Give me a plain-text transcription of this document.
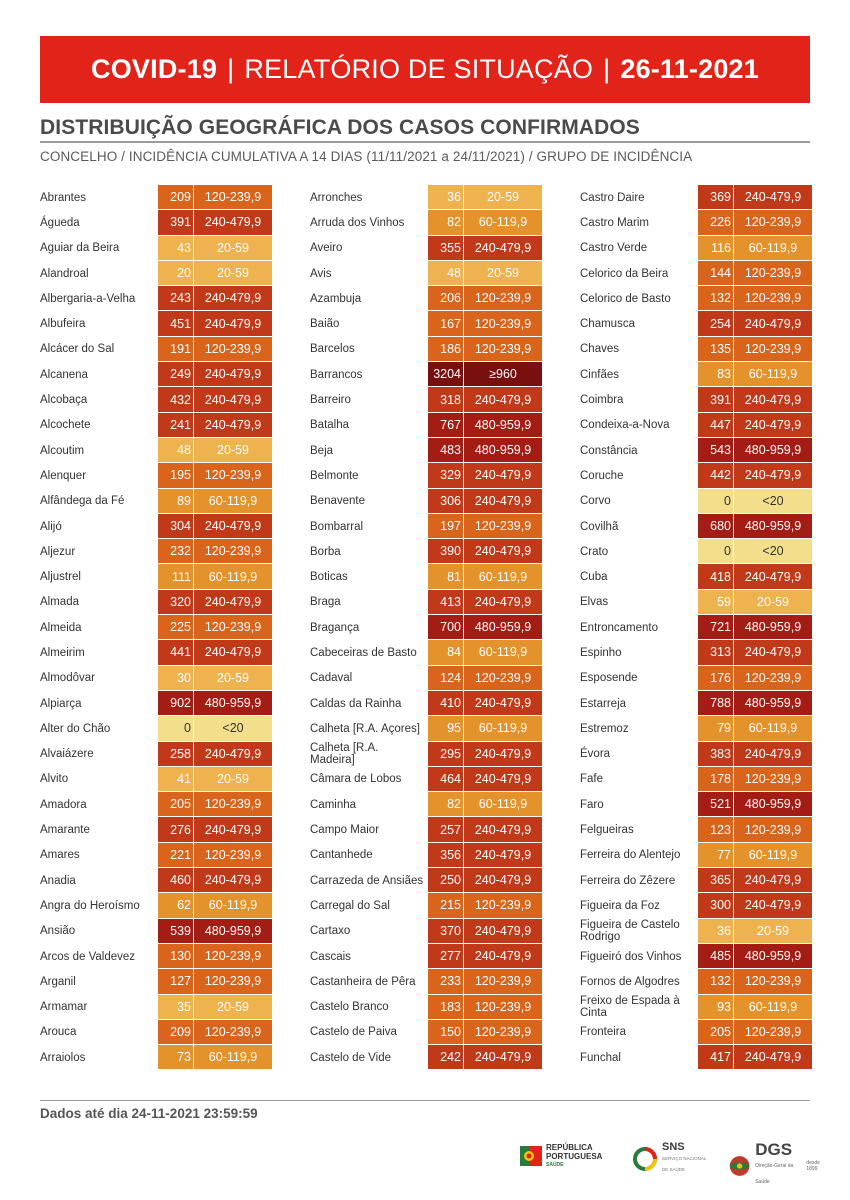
COVID-19 | RELATÓRIO DE SITUAÇÃO | 26-11-2021
DISTRIBUIÇÃO GEOGRÁFICA DOS CASOS CONFIRMADOS
CONCELHO / INCIDÊNCIA CUMULATIVA A 14 DIAS (11/11/2021 a 24/11/2021) / GRUPO DE INCIDÊNCIA
Abrantes	209	120-239,9
Águeda	391	240-479,9
Aguiar da Beira	43	20-59
Alandroal	20	20-59
Albergaria-a-Velha	243	240-479,9
Albufeira	451	240-479,9
Alcácer do Sal	191	120-239,9
Alcanena	249	240-479,9
Alcobaça	432	240-479,9
Alcochete	241	240-479,9
Alcoutim	48	20-59
Alenquer	195	120-239,9
Alfândega da Fé	89	60-119,9
Alijó	304	240-479,9
Aljezur	232	120-239,9
Aljustrel	111	60-119,9
Almada	320	240-479,9
Almeida	225	120-239,9
Almeirim	441	240-479,9
Almodôvar	30	20-59
Alpiarça	902	480-959,9
Alter do Chão	0	<20
Alvaiázere	258	240-479,9
Alvito	41	20-59
Amadora	205	120-239,9
Amarante	276	240-479,9
Amares	221	120-239,9
Anadia	460	240-479,9
Angra do Heroísmo	62	60-119,9
Ansião	539	480-959,9
Arcos de Valdevez	130	120-239,9
Arganil	127	120-239,9
Armamar	35	20-59
Arouca	209	120-239,9
Arraiolos	73	60-119,9
Arronches	36	20-59
Arruda dos Vinhos	82	60-119,9
Aveiro	355	240-479,9
Avis	48	20-59
Azambuja	206	120-239,9
Baião	167	120-239,9
Barcelos	186	120-239,9
Barrancos	3204	≥960
Barreiro	318	240-479,9
Batalha	767	480-959,9
Beja	483	480-959,9
Belmonte	329	240-479,9
Benavente	306	240-479,9
Bombarral	197	120-239,9
Borba	390	240-479,9
Boticas	81	60-119,9
Braga	413	240-479,9
Bragança	700	480-959,9
Cabeceiras de Basto	84	60-119,9
Cadaval	124	120-239,9
Caldas da Rainha	410	240-479,9
Calheta [R.A. Açores]	95	60-119,9
Calheta [R.A. Madeira]	295	240-479,9
Câmara de Lobos	464	240-479,9
Caminha	82	60-119,9
Campo Maior	257	240-479,9
Cantanhede	356	240-479,9
Carrazeda de Ansiães	250	240-479,9
Carregal do Sal	215	120-239,9
Cartaxo	370	240-479,9
Cascais	277	240-479,9
Castanheira de Pêra	233	120-239,9
Castelo Branco	183	120-239,9
Castelo de Paiva	150	120-239,9
Castelo de Vide	242	240-479,9
Castro Daire	369	240-479,9
Castro Marim	226	120-239,9
Castro Verde	116	60-119,9
Celorico da Beira	144	120-239,9
Celorico de Basto	132	120-239,9
Chamusca	254	240-479,9
Chaves	135	120-239,9
Cinfães	83	60-119,9
Coimbra	391	240-479,9
Condeixa-a-Nova	447	240-479,9
Constância	543	480-959,9
Coruche	442	240-479,9
Corvo	0	<20
Covilhã	680	480-959,9
Crato	0	<20
Cuba	418	240-479,9
Elvas	59	20-59
Entroncamento	721	480-959,9
Espinho	313	240-479,9
Esposende	176	120-239,9
Estarreja	788	480-959,9
Estremoz	79	60-119,9
Évora	383	240-479,9
Fafe	178	120-239,9
Faro	521	480-959,9
Felgueiras	123	120-239,9
Ferreira do Alentejo	77	60-119,9
Ferreira do Zêzere	365	240-479,9
Figueira da Foz	300	240-479,9
Figueira de Castelo Rodrigo	36	20-59
Figueiró dos Vinhos	485	480-959,9
Fornos de Algodres	132	120-239,9
Freixo de Espada à Cinta	93	60-119,9
Fronteira	205	120-239,9
Funchal	417	240-479,9
Dados até dia 24-11-2021 23:59:59
REPÚBLICA
PORTUGUESA
SAÚDE
SNS
SERVIÇO NACIONAL
DE SAÚDE
DGS
Direção-Geral da Saúde
desde
1899
